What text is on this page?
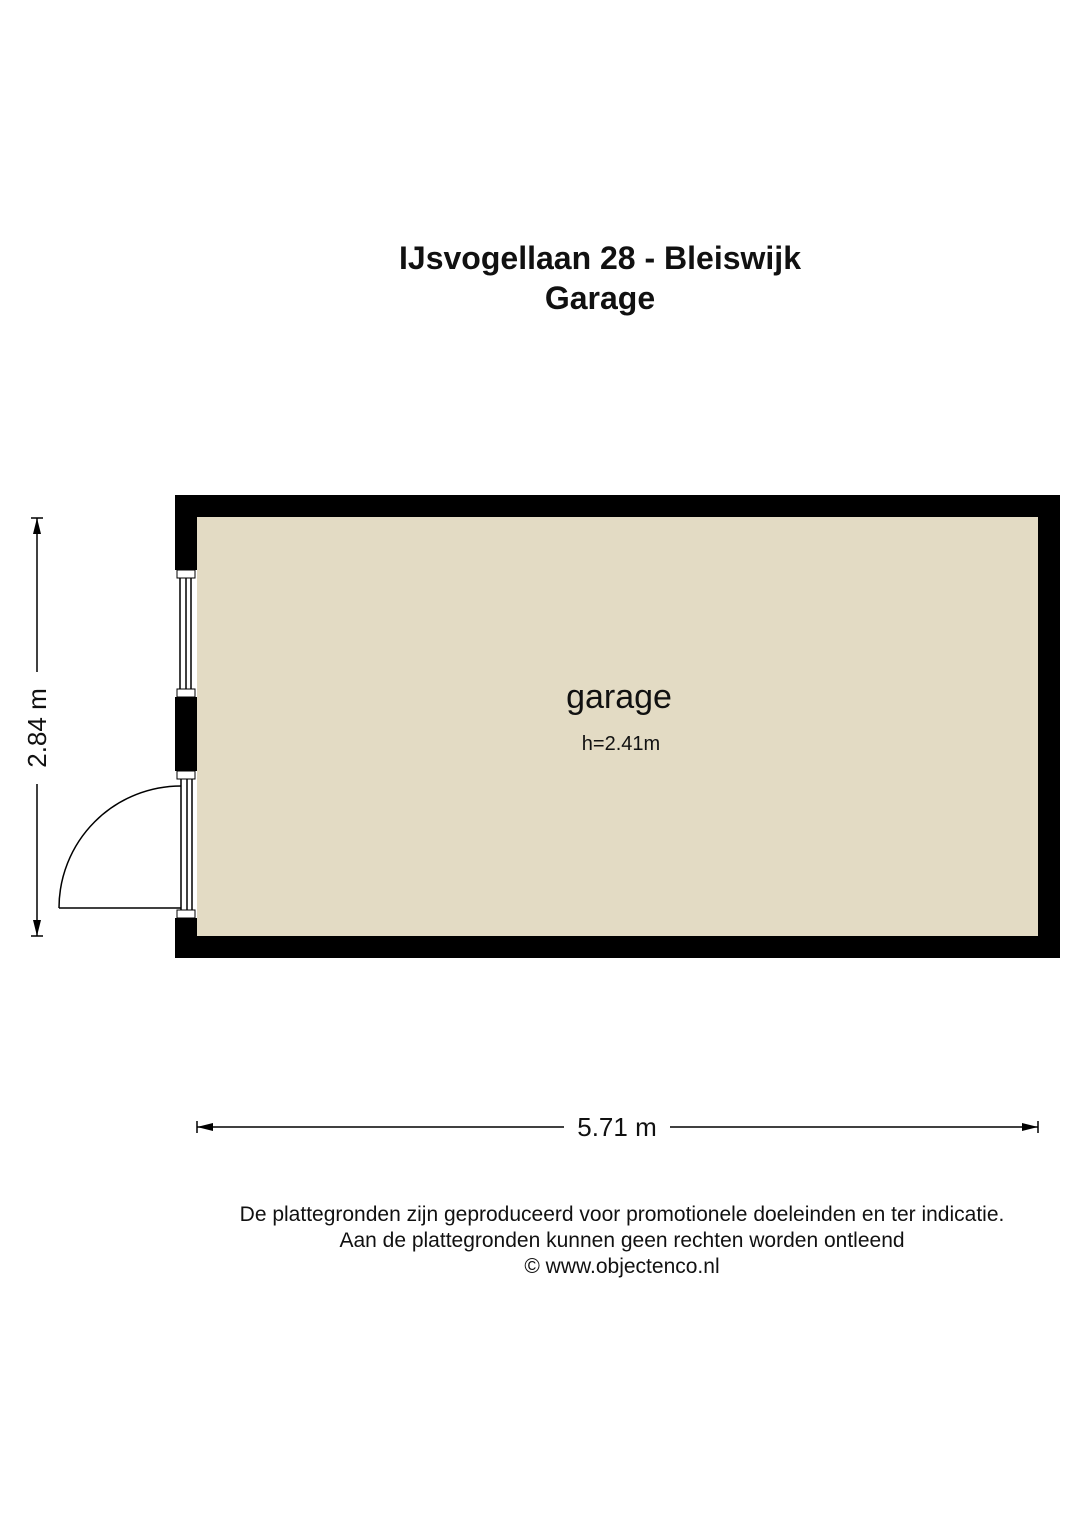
IJsvogellaan 28 - Bleiswijk
Garage
garage
h=2.41m
2.84 m
5.71 m
De plattegronden zijn geproduceerd voor promotionele doeleinden en ter indicatie.
Aan de plattegronden kunnen geen rechten worden ontleend
© www.objectenco.nl
